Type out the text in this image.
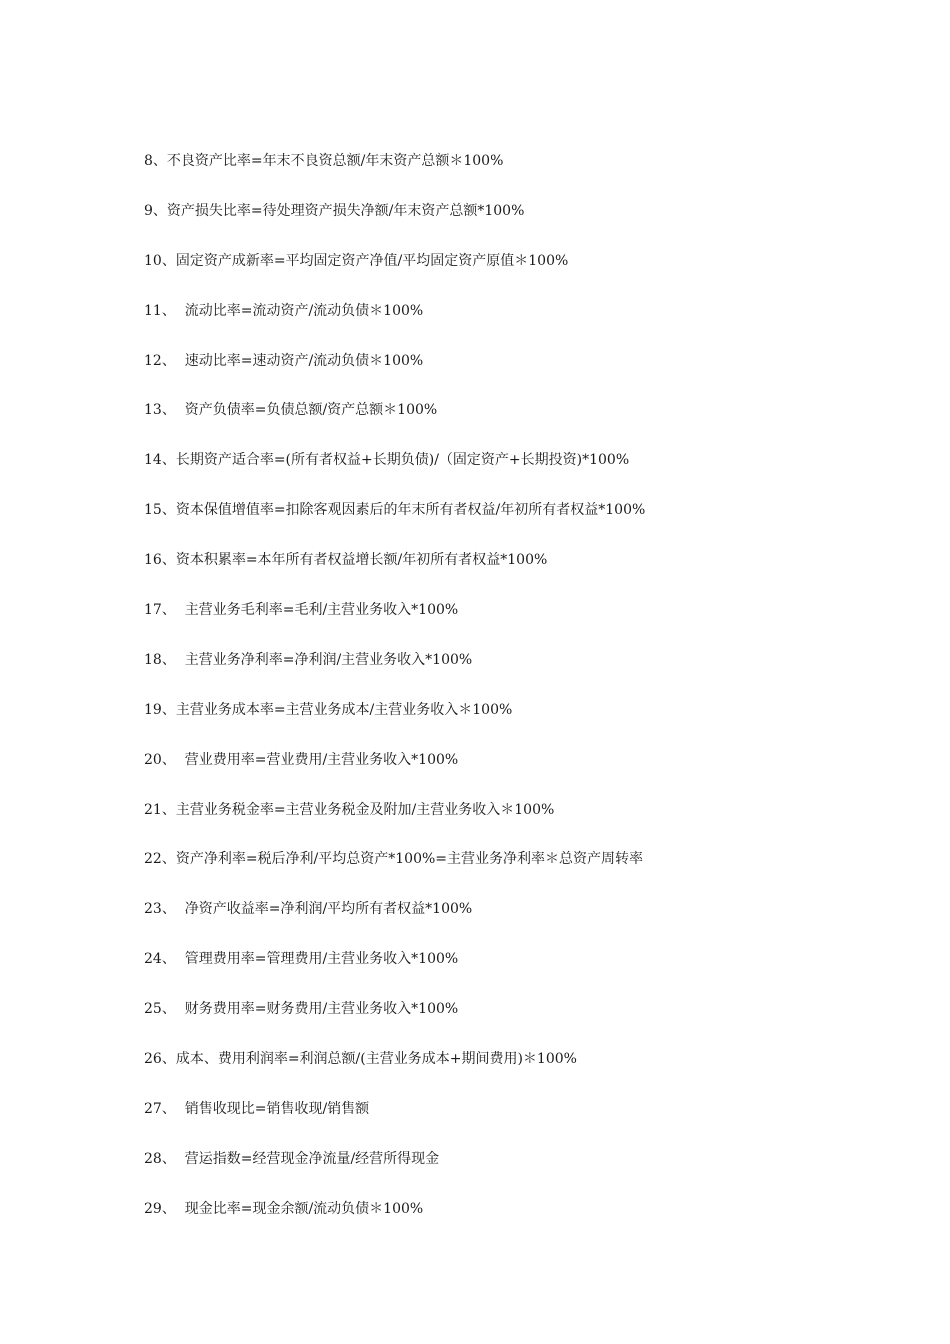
8、不良资产比率=年末不良资总额/年末资产总额＊100%
9、资产损失比率=待处理资产损失净额/年末资产总额*100%
10、固定资产成新率=平均固定资产净值/平均固定资产原值＊100%
11、  流动比率=流动资产/流动负债＊100%
12、  速动比率=速动资产/流动负债＊100%
13、  资产负债率=负债总额/资产总额＊100%
14、长期资产适合率=(所有者权益+长期负债)/（固定资产+长期投资)*100%
15、资本保值增值率=扣除客观因素后的年末所有者权益/年初所有者权益*100%
16、资本积累率=本年所有者权益增长额/年初所有者权益*100%
17、  主营业务毛利率=毛利/主营业务收入*100%
18、  主营业务净利率=净利润/主营业务收入*100%
19、主营业务成本率=主营业务成本/主营业务收入＊100%
20、  营业费用率=营业费用/主营业务收入*100%
21、主营业务税金率=主营业务税金及附加/主营业务收入＊100%
22、资产净利率=税后净利/平均总资产*100%=主营业务净利率＊总资产周转率
23、  净资产收益率=净利润/平均所有者权益*100%
24、  管理费用率=管理费用/主营业务收入*100%
25、  财务费用率=财务费用/主营业务收入*100%
26、成本、费用利润率=利润总额/(主营业务成本+期间费用)＊100%
27、  销售收现比=销售收现/销售额
28、  营运指数=经营现金净流量/经营所得现金
29、  现金比率=现金余额/流动负债＊100%
